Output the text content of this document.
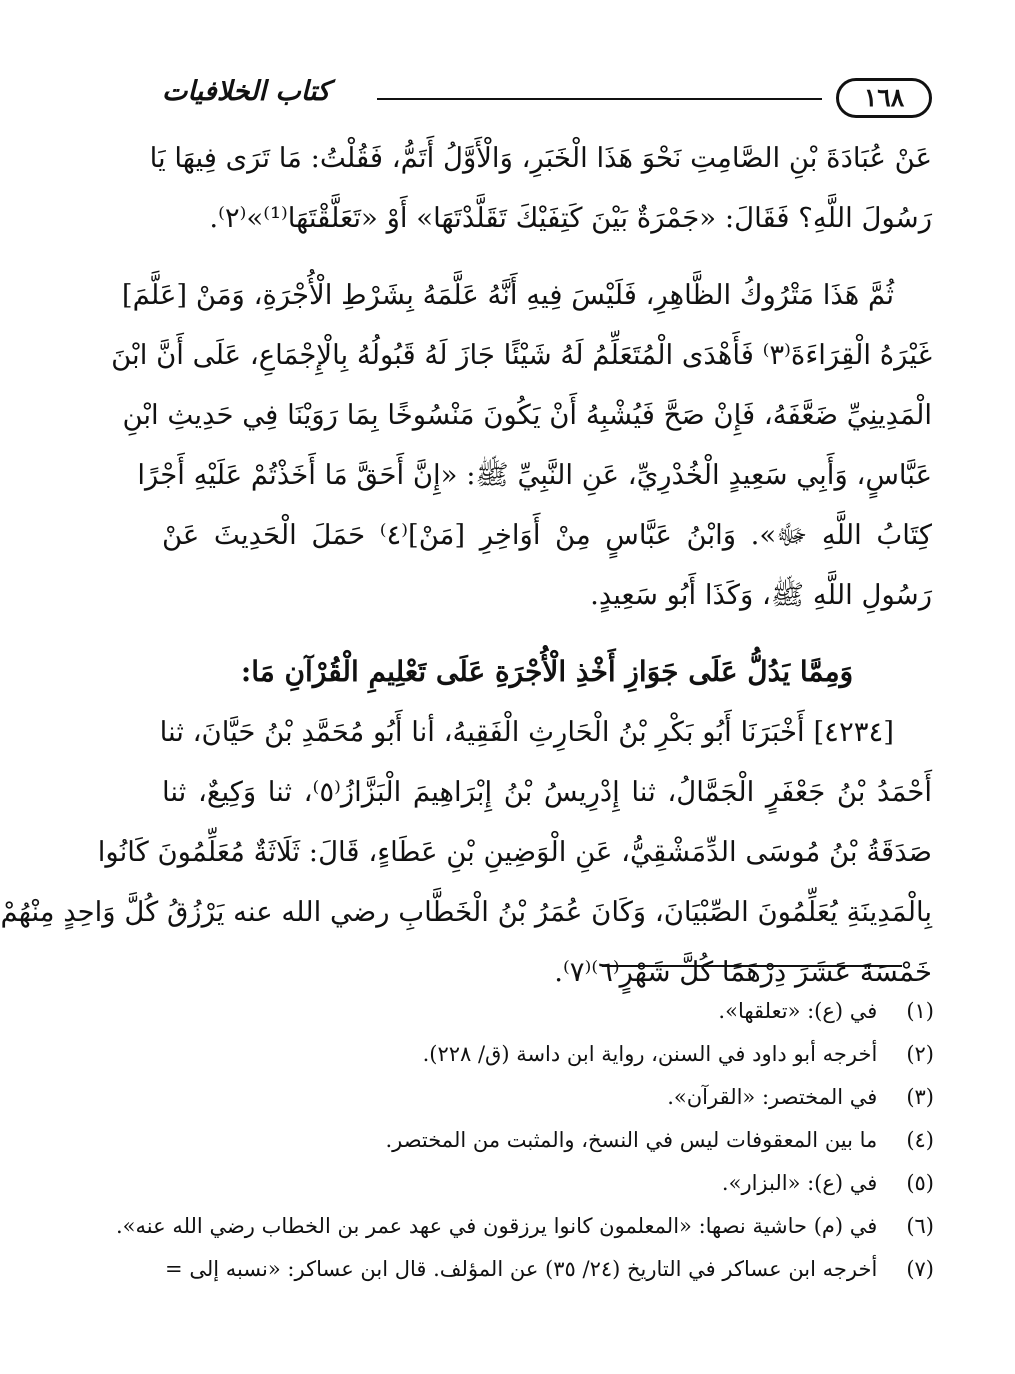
١٦٨
كتاب الخلافيات
عَنْ عُبَادَةَ بْنِ الصَّامِتِ نَحْوَ هَذَا الْخَبَرِ، وَالْأَوَّلُ أَتَمُّ، فَقُلْتُ: مَا تَرَى فِيهَا يَا
رَسُولَ اللَّهِ؟ فَقَالَ: «جَمْرَةٌ بَيْنَ كَتِفَيْكَ تَقَلَّدْتَهَا» أَوْ «تَعَلَّقْتَهَا⁽¹⁾»⁽٢⁾.
ثُمَّ هَذَا مَتْرُوكُ الظَّاهِرِ، فَلَيْسَ فِيهِ أَنَّهُ عَلَّمَهُ بِشَرْطِ الْأُجْرَةِ، وَمَنْ [عَلَّمَ]
غَيْرَهُ الْقِرَاءَةَ⁽٣⁾ فَأَهْدَى الْمُتَعَلِّمُ لَهُ شَيْئًا جَازَ لَهُ قَبُولُهُ بِالْإِجْمَاعِ، عَلَى أَنَّ ابْنَ
الْمَدِينِيِّ ضَعَّفَهُ، فَإِنْ صَحَّ فَيُشْبِهُ أَنْ يَكُونَ مَنْسُوخًا بِمَا رَوَيْنَا فِي حَدِيثِ ابْنِ
عَبَّاسٍ، وَأَبِي سَعِيدٍ الْخُدْرِيِّ، عَنِ النَّبِيِّ ﷺ: «إِنَّ أَحَقَّ مَا أَخَذْتُمْ عَلَيْهِ أَجْرًا
كِتَابُ اللَّهِ ﷻ». وَابْنُ عَبَّاسٍ مِنْ أَوَاخِرِ [مَنْ]⁽٤⁾ حَمَلَ الْحَدِيثَ عَنْ
رَسُولِ اللَّهِ ﷺ، وَكَذَا أَبُو سَعِيدٍ.
وَمِمَّا يَدُلُّ عَلَى جَوَازِ أَخْذِ الْأُجْرَةِ عَلَى تَعْلِيمِ الْقُرْآنِ مَا:
[٤٢٣٤] أَخْبَرَنَا أَبُو بَكْرِ بْنُ الْحَارِثِ الْفَقِيهُ، أنا أَبُو مُحَمَّدِ بْنُ حَيَّانَ، ثنا
أَحْمَدُ بْنُ جَعْفَرٍ الْجَمَّالُ، ثنا إِدْرِيسُ بْنُ إِبْرَاهِيمَ الْبَزَّازُ⁽٥⁾، ثنا وَكِيعٌ، ثنا
صَدَقَةُ بْنُ مُوسَى الدِّمَشْقِيُّ، عَنِ الْوَضِينِ بْنِ عَطَاءٍ، قَالَ: ثَلَاثَةٌ مُعَلِّمُونَ كَانُوا
بِالْمَدِينَةِ يُعَلِّمُونَ الصِّبْيَانَ، وَكَانَ عُمَرُ بْنُ الْخَطَّابِ رضي الله عنه يَرْزُقُ كُلَّ وَاحِدٍ مِنْهُمْ
خَمْسَةَ عَشَرَ دِرْهَمًا كُلَّ شَهْرٍ⁽٦⁾⁽٧⁾.
(١) في (ع): «تعلقها».
(٢) أخرجه أبو داود في السنن، رواية ابن داسة (ق/ ٢٢٨).
(٣) في المختصر: «القرآن».
(٤) ما بين المعقوفات ليس في النسخ، والمثبت من المختصر.
(٥) في (ع): «البزار».
(٦) في (م) حاشية نصها: «المعلمون كانوا يرزقون في عهد عمر بن الخطاب رضي الله عنه».
(٧) أخرجه ابن عساكر في التاريخ (٢٤/ ٣٥) عن المؤلف. قال ابن عساكر: «نسبه إلى =
